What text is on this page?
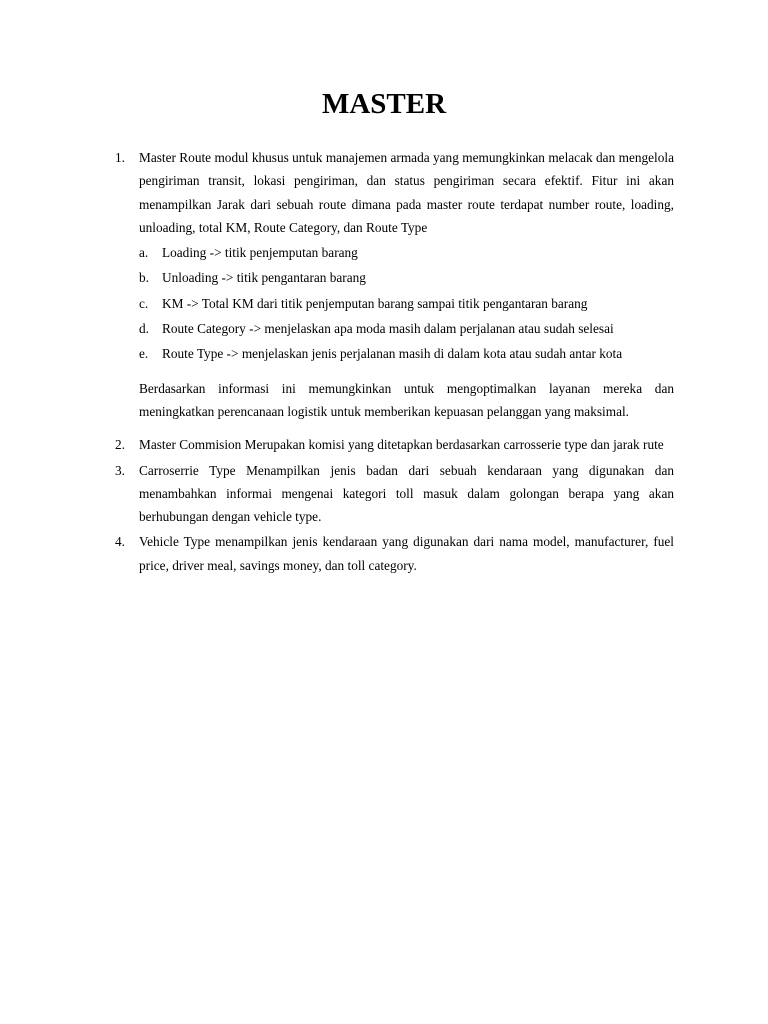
MASTER
1. Master Route modul khusus untuk manajemen armada yang memungkinkan melacak dan mengelola pengiriman transit, lokasi pengiriman, dan status pengiriman secara efektif. Fitur ini akan menampilkan Jarak dari sebuah route dimana pada master route terdapat number route, loading, unloading, total KM, Route Category, dan Route Type

a. Loading -> titik penjemputan barang
b. Unloading -> titik pengantaran barang
c. KM -> Total KM dari titik penjemputan barang sampai titik pengantaran barang
d. Route Category -> menjelaskan apa moda masih dalam perjalanan atau sudah selesai
e. Route Type -> menjelaskan jenis perjalanan masih di dalam kota atau sudah antar kota

Berdasarkan informasi ini memungkinkan untuk mengoptimalkan layanan mereka dan meningkatkan perencanaan logistik untuk memberikan kepuasan pelanggan yang maksimal.

2. Master Commision Merupakan komisi yang ditetapkan berdasarkan carrosserie type dan jarak rute

3. Carroserrie Type Menampilkan jenis badan dari sebuah kendaraan yang digunakan dan menambahkan informai mengenai kategori toll masuk dalam golongan berapa yang akan berhubungan dengan vehicle type.

4. Vehicle Type menampilkan jenis kendaraan yang digunakan dari nama model, manufacturer, fuel price, driver meal, savings money, dan toll category.
